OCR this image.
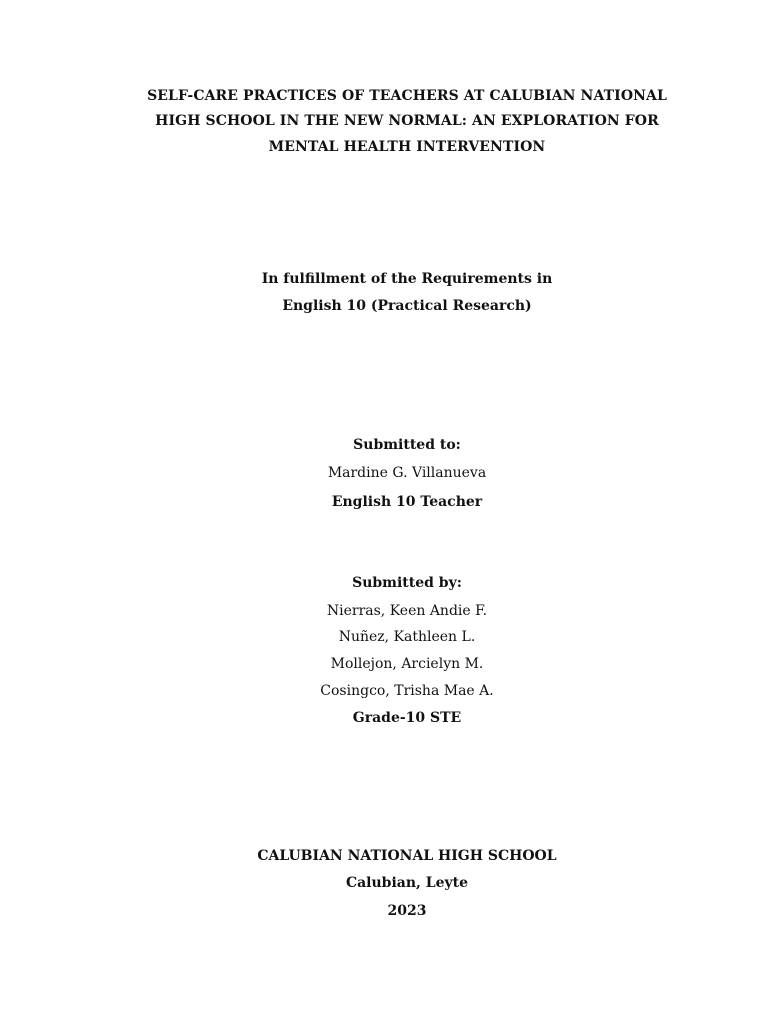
SELF-CARE PRACTICES OF TEACHERS AT CALUBIAN NATIONAL
HIGH SCHOOL IN THE NEW NORMAL: AN EXPLORATION FOR
MENTAL HEALTH INTERVENTION
In fulfillment of the Requirements in
English 10 (Practical Research)
Submitted to:
Mardine G. Villanueva
English 10 Teacher
Submitted by:
Nierras, Keen Andie F.
Nuñez, Kathleen L.
Mollejon, Arcielyn M.
Cosingco, Trisha Mae A.
Grade-10 STE
CALUBIAN NATIONAL HIGH SCHOOL
Calubian, Leyte
2023
